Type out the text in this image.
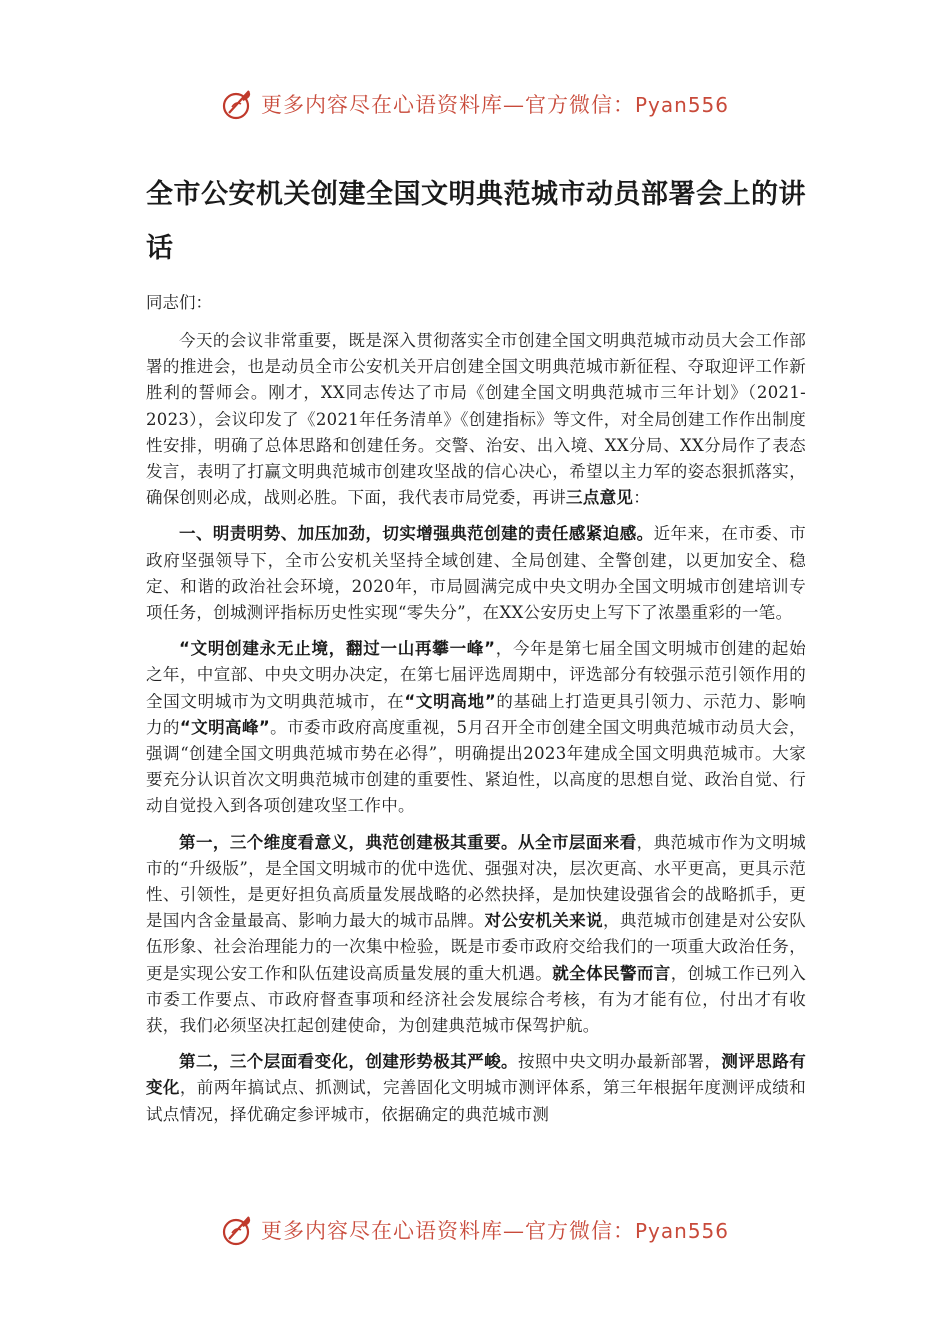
更多内容尽在心语资料库—官方微信：Pyan556
全市公安机关创建全国文明典范城市动员部署会上的讲话
同志们：

今天的会议非常重要，既是深入贯彻落实全市创建全国文明典范城市动员大会工作部署的推进会，也是动员全市公安机关开启创建全国文明典范城市新征程、夺取迎评工作新胜利的誓师会。刚才，XX同志传达了市局《创建全国文明典范城市三年计划》（2021-2023），会议印发了《2021年任务清单》《创建指标》等文件，对全局创建工作作出制度性安排，明确了总体思路和创建任务。交警、治安、出入境、XX分局、XX分局作了表态发言，表明了打赢文明典范城市创建攻坚战的信心决心，希望以主力军的姿态狠抓落实，确保创则必成，战则必胜。下面，我代表市局党委，再讲三点意见：

一、明责明势、加压加劲，切实增强典范创建的责任感紧迫感。近年来，在市委、市政府坚强领导下，全市公安机关坚持全域创建、全局创建、全警创建，以更加安全、稳定、和谐的政治社会环境，2020年，市局圆满完成中央文明办全国文明城市创建培训专项任务，创城测评指标历史性实现“零失分”，在XX公安历史上写下了浓墨重彩的一笔。

“文明创建永无止境，翻过一山再攀一峰”，今年是第七届全国文明城市创建的起始之年，中宣部、中央文明办决定，在第七届评选周期中，评选部分有较强示范引领作用的全国文明城市为文明典范城市，在“文明高地”的基础上打造更具引领力、示范力、影响力的“文明高峰”。市委市政府高度重视，5月召开全市创建全国文明典范城市动员大会，强调“创建全国文明典范城市势在必得”，明确提出2023年建成全国文明典范城市。大家要充分认识首次文明典范城市创建的重要性、紧迫性，以高度的思想自觉、政治自觉、行动自觉投入到各项创建攻坚工作中。

第一，三个维度看意义，典范创建极其重要。从全市层面来看，典范城市作为文明城市的“升级版”，是全国文明城市的优中选优、强强对决，层次更高、水平更高，更具示范性、引领性，是更好担负高质量发展战略的必然抉择，是加快建设强省会的战略抓手，更是国内含金量最高、影响力最大的城市品牌。对公安机关来说，典范城市创建是对公安队伍形象、社会治理能力的一次集中检验，既是市委市政府交给我们的一项重大政治任务，更是实现公安工作和队伍建设高质量发展的重大机遇。就全体民警而言，创城工作已列入市委工作要点、市政府督查事项和经济社会发展综合考核，有为才能有位，付出才有收获，我们必须坚决扛起创建使命，为创建典范城市保驾护航。

第二，三个层面看变化，创建形势极其严峻。按照中央文明办最新部署，测评思路有变化，前两年搞试点、抓测试，完善固化文明城市测评体系，第三年根据年度测评成绩和试点情况，择优确定参评城市，依据确定的典范城市测

更多内容尽在心语资料库—官方微信：Pyan556
